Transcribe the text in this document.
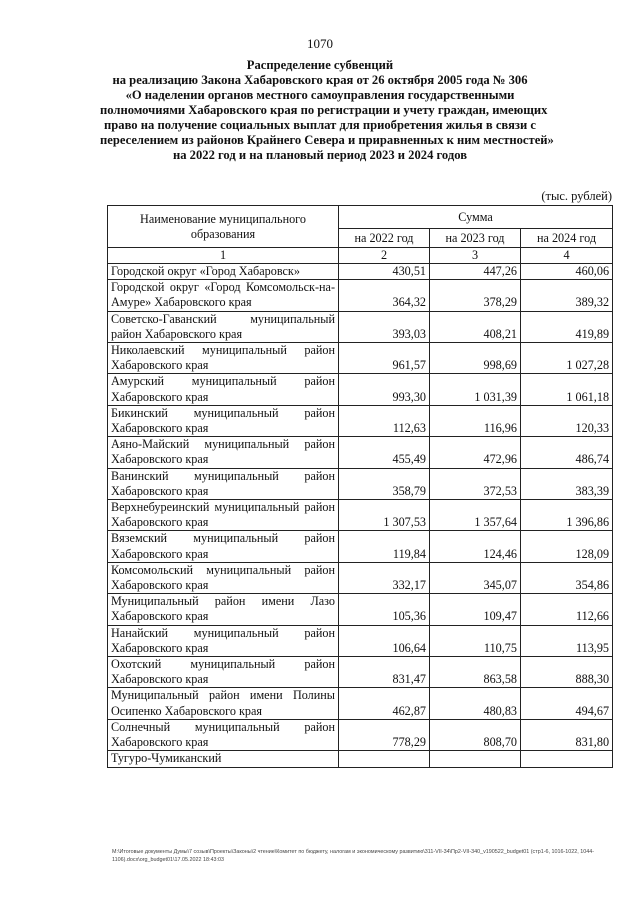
1070
Распределение субвенций
на реализацию Закона Хабаровского края от 26 октября 2005 года № 306
«О наделении органов местного самоуправления государственными
полномочиями Хабаровского края по регистрации и учету граждан, имеющих
право на получение социальных выплат для приобретения жилья в связи с
переселением из районов Крайнего Севера и приравненных к ним местностей»
на 2022 год и на плановый период 2023 и 2024 годов
(тыс. рублей)
Наименование муниципального образования	Сумма		
	на 2022 год	на 2023 год	на 2024 год
1	2	3	4
Городской округ «Город Хабаровск»	430,51	447,26	460,06
Городской округ «Город Комсомольск-на-Амуре» Хабаровского края	364,32	378,29	389,32
Советско-Гаванский муниципальный район Хабаровского края	393,03	408,21	419,89
Николаевский муниципальный район Хабаровского края	961,57	998,69	1 027,28
Амурский муниципальный район Хабаровского края	993,30	1 031,39	1 061,18
Бикинский муниципальный район Хабаровского края	112,63	116,96	120,33
Аяно-Майский муниципальный район Хабаровского края	455,49	472,96	486,74
Ванинский муниципальный район Хабаровского края	358,79	372,53	383,39
Верхнебуреинский муниципальный район Хабаровского края	1 307,53	1 357,64	1 396,86
Вяземский муниципальный район Хабаровского края	119,84	124,46	128,09
Комсомольский муниципальный район Хабаровского края	332,17	345,07	354,86
Муниципальный район имени Лазо Хабаровского края	105,36	109,47	112,66
Нанайский муниципальный район Хабаровского края	106,64	110,75	113,95
Охотский муниципальный район Хабаровского края	831,47	863,58	888,30
Муниципальный район имени Полины Осипенко Хабаровского края	462,87	480,83	494,67
Солнечный муниципальный район Хабаровского края	778,29	808,70	831,80
Тугуро-Чумиканский			
M:\Итоговые документы Думы\7 созыв\Проекты\Законы\2 чтение\Комитет по бюджету, налогам и экономическому развитию\311-VII-34\Пр2-VII-340_v190522_budget01 (стр1-6, 1016-1022, 1044-1106).docx\org_budget01\17.05.2022 18:43:03
